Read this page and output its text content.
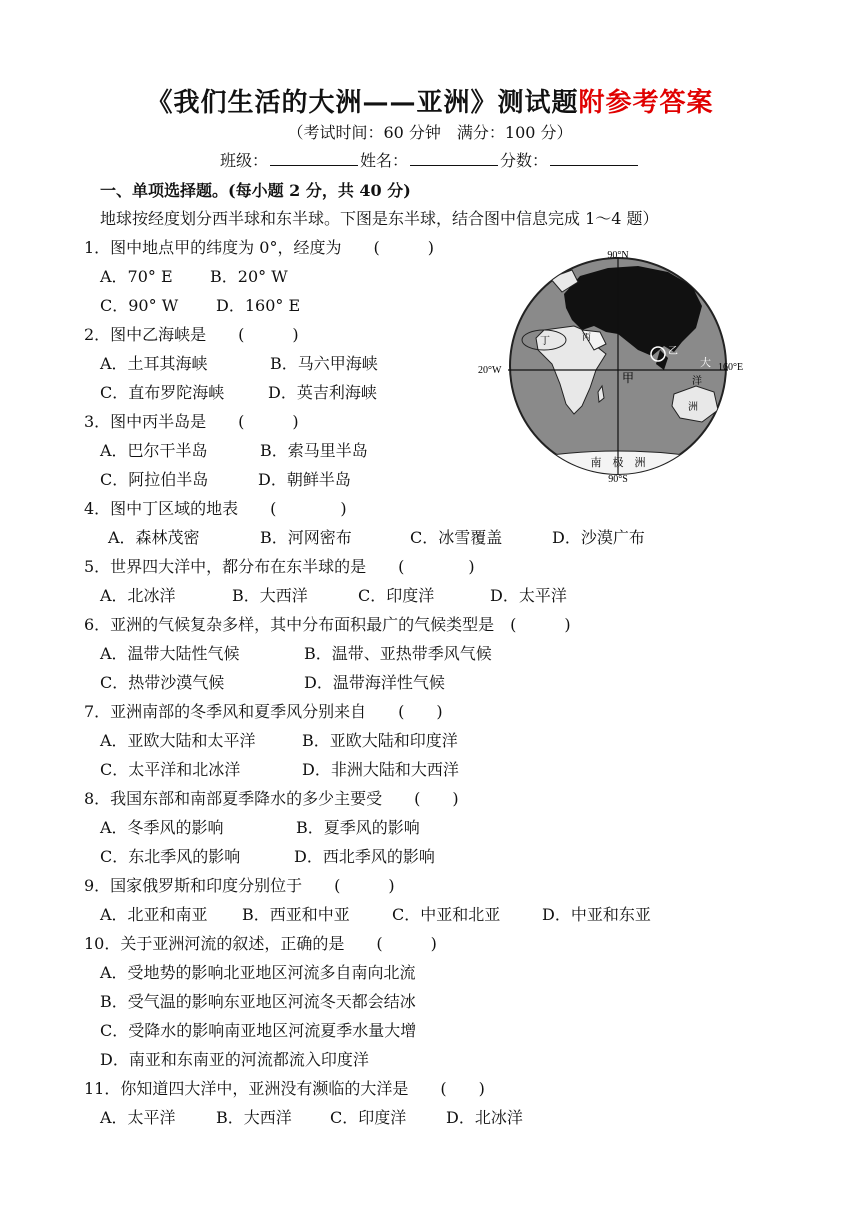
《我们生活的大洲——亚洲》测试题附参考答案
（考试时间：60 分钟　满分：100 分）
班级：	姓名：	分数：
一、单项选择题。(每小题 2 分，共 40 分)
地球按经度划分西半球和东半球。下图是东半球，结合图中信息完成 1～4 题）
1．图中地点甲的纬度为 0°，经度为　　(　　　)
A．70° E B．20° W
C．90° W D．160° E
2．图中乙海峡是　　(　　　)
A．土耳其海峡	B．马六甲海峡
C．直布罗陀海峡	D．英吉利海峡
3．图中丙半岛是　　(　　　)
A．巴尔干半岛	B．索马里半岛
C．阿拉伯半岛	D．朝鲜半岛
4．图中丁区域的地表　　(　　　　)
A．森林茂密	B．河网密布	C．冰雪覆盖	D．沙漠广布
5．世界四大洋中，都分布在东半球的是　　(　　　　)
A．北冰洋	B．大西洋	C．印度洋	D．太平洋
6．亚洲的气候复杂多样，其中分布面积最广的气候类型是　(　　　)
A．温带大陆性气候	B．温带、亚热带季风气候
C．热带沙漠气候	D．温带海洋性气候
7．亚洲南部的冬季风和夏季风分别来自　　(　　)
A．亚欧大陆和太平洋	B．亚欧大陆和印度洋
C．太平洋和北冰洋	D．非洲大陆和大西洋
8．我国东部和南部夏季降水的多少主要受　　(　　)
A．冬季风的影响	B．夏季风的影响
C．东北季风的影响	D．西北季风的影响
9．国家俄罗斯和印度分别位于　　(　　　)
A．北亚和南亚 B．西亚和中亚	C．中亚和北亚	D．中亚和东亚
10．关于亚洲河流的叙述，正确的是　　(　　　)
A．受地势的影响北亚地区河流多自南向北流
B．受气温的影响东亚地区河流冬天都会结冰
C．受降水的影响南亚地区河流夏季水量大增
D．南亚和东南亚的河流都流入印度洋
11．你知道四大洋中，亚洲没有濒临的大洋是　　(　　)
A．太平洋	B．大西洋 C．印度洋 D．北冰洋
90°N
90°S
20°W	160°E
甲
乙
丙
丁
大
洋
洲
南　极　洲
